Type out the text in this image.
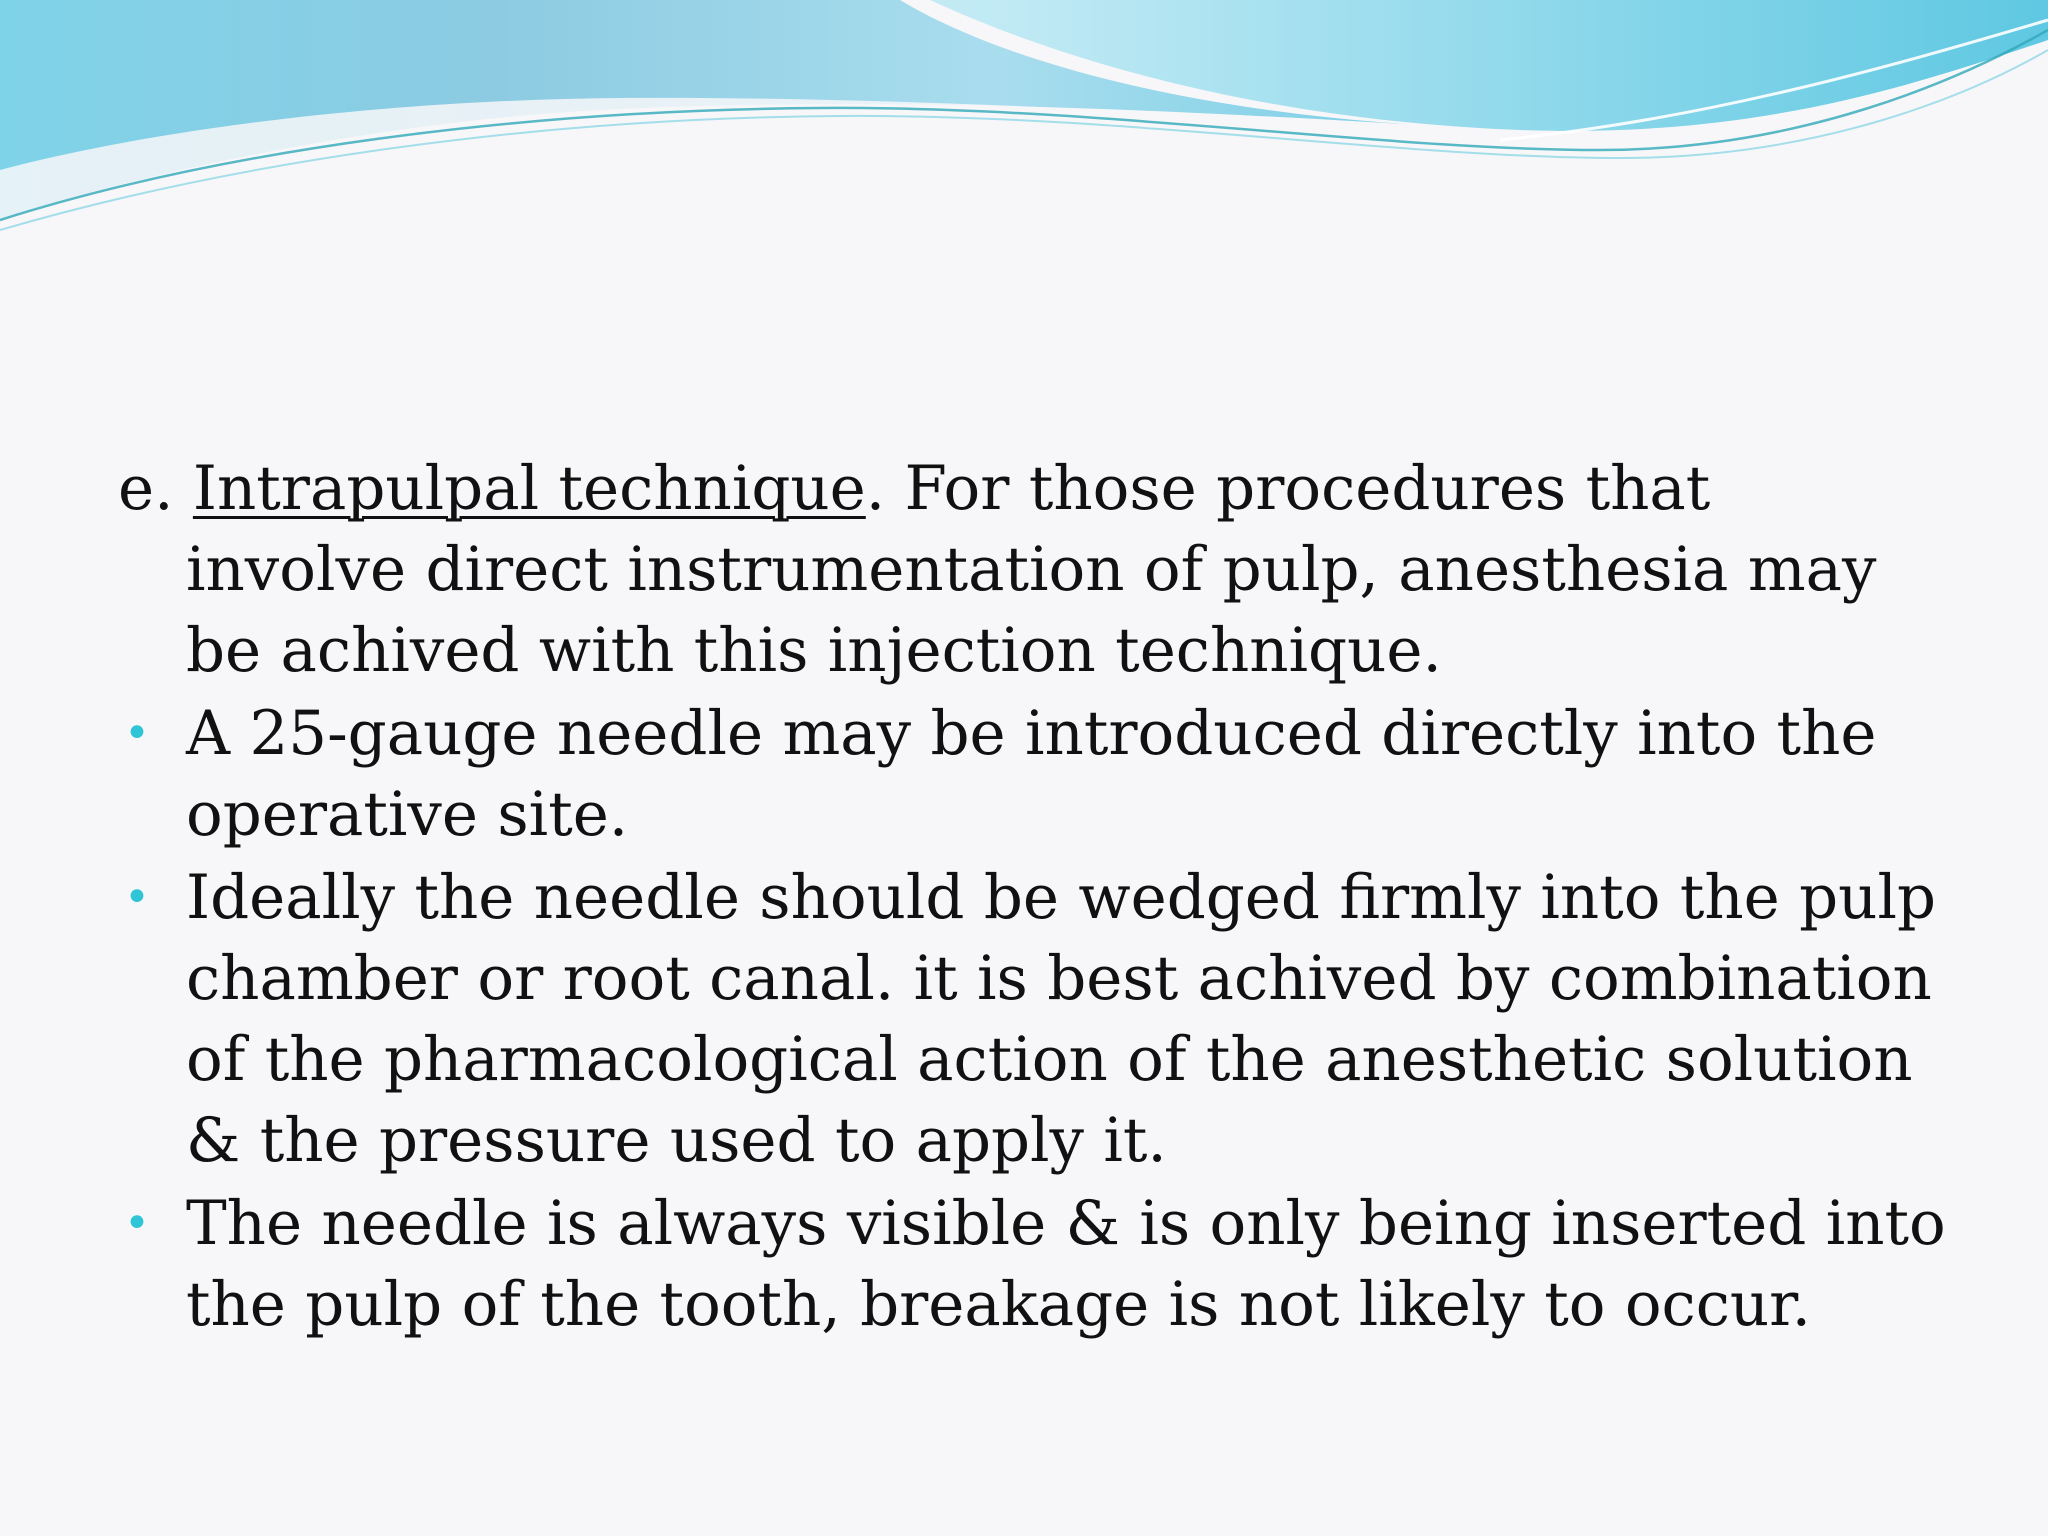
e. Intrapulpal technique. For those procedures that involve direct instrumentation of pulp, anesthesia may be achived with this injection technique.

• A 25-gauge needle may be introduced directly into the operative site.
• Ideally the needle should be wedged firmly into the pulp chamber or root canal. it is best achived by combination of the pharmacological action of the anesthetic solution & the pressure used to apply it.
• The needle is always visible & is only being inserted into the pulp of the tooth, breakage is not likely to occur.
